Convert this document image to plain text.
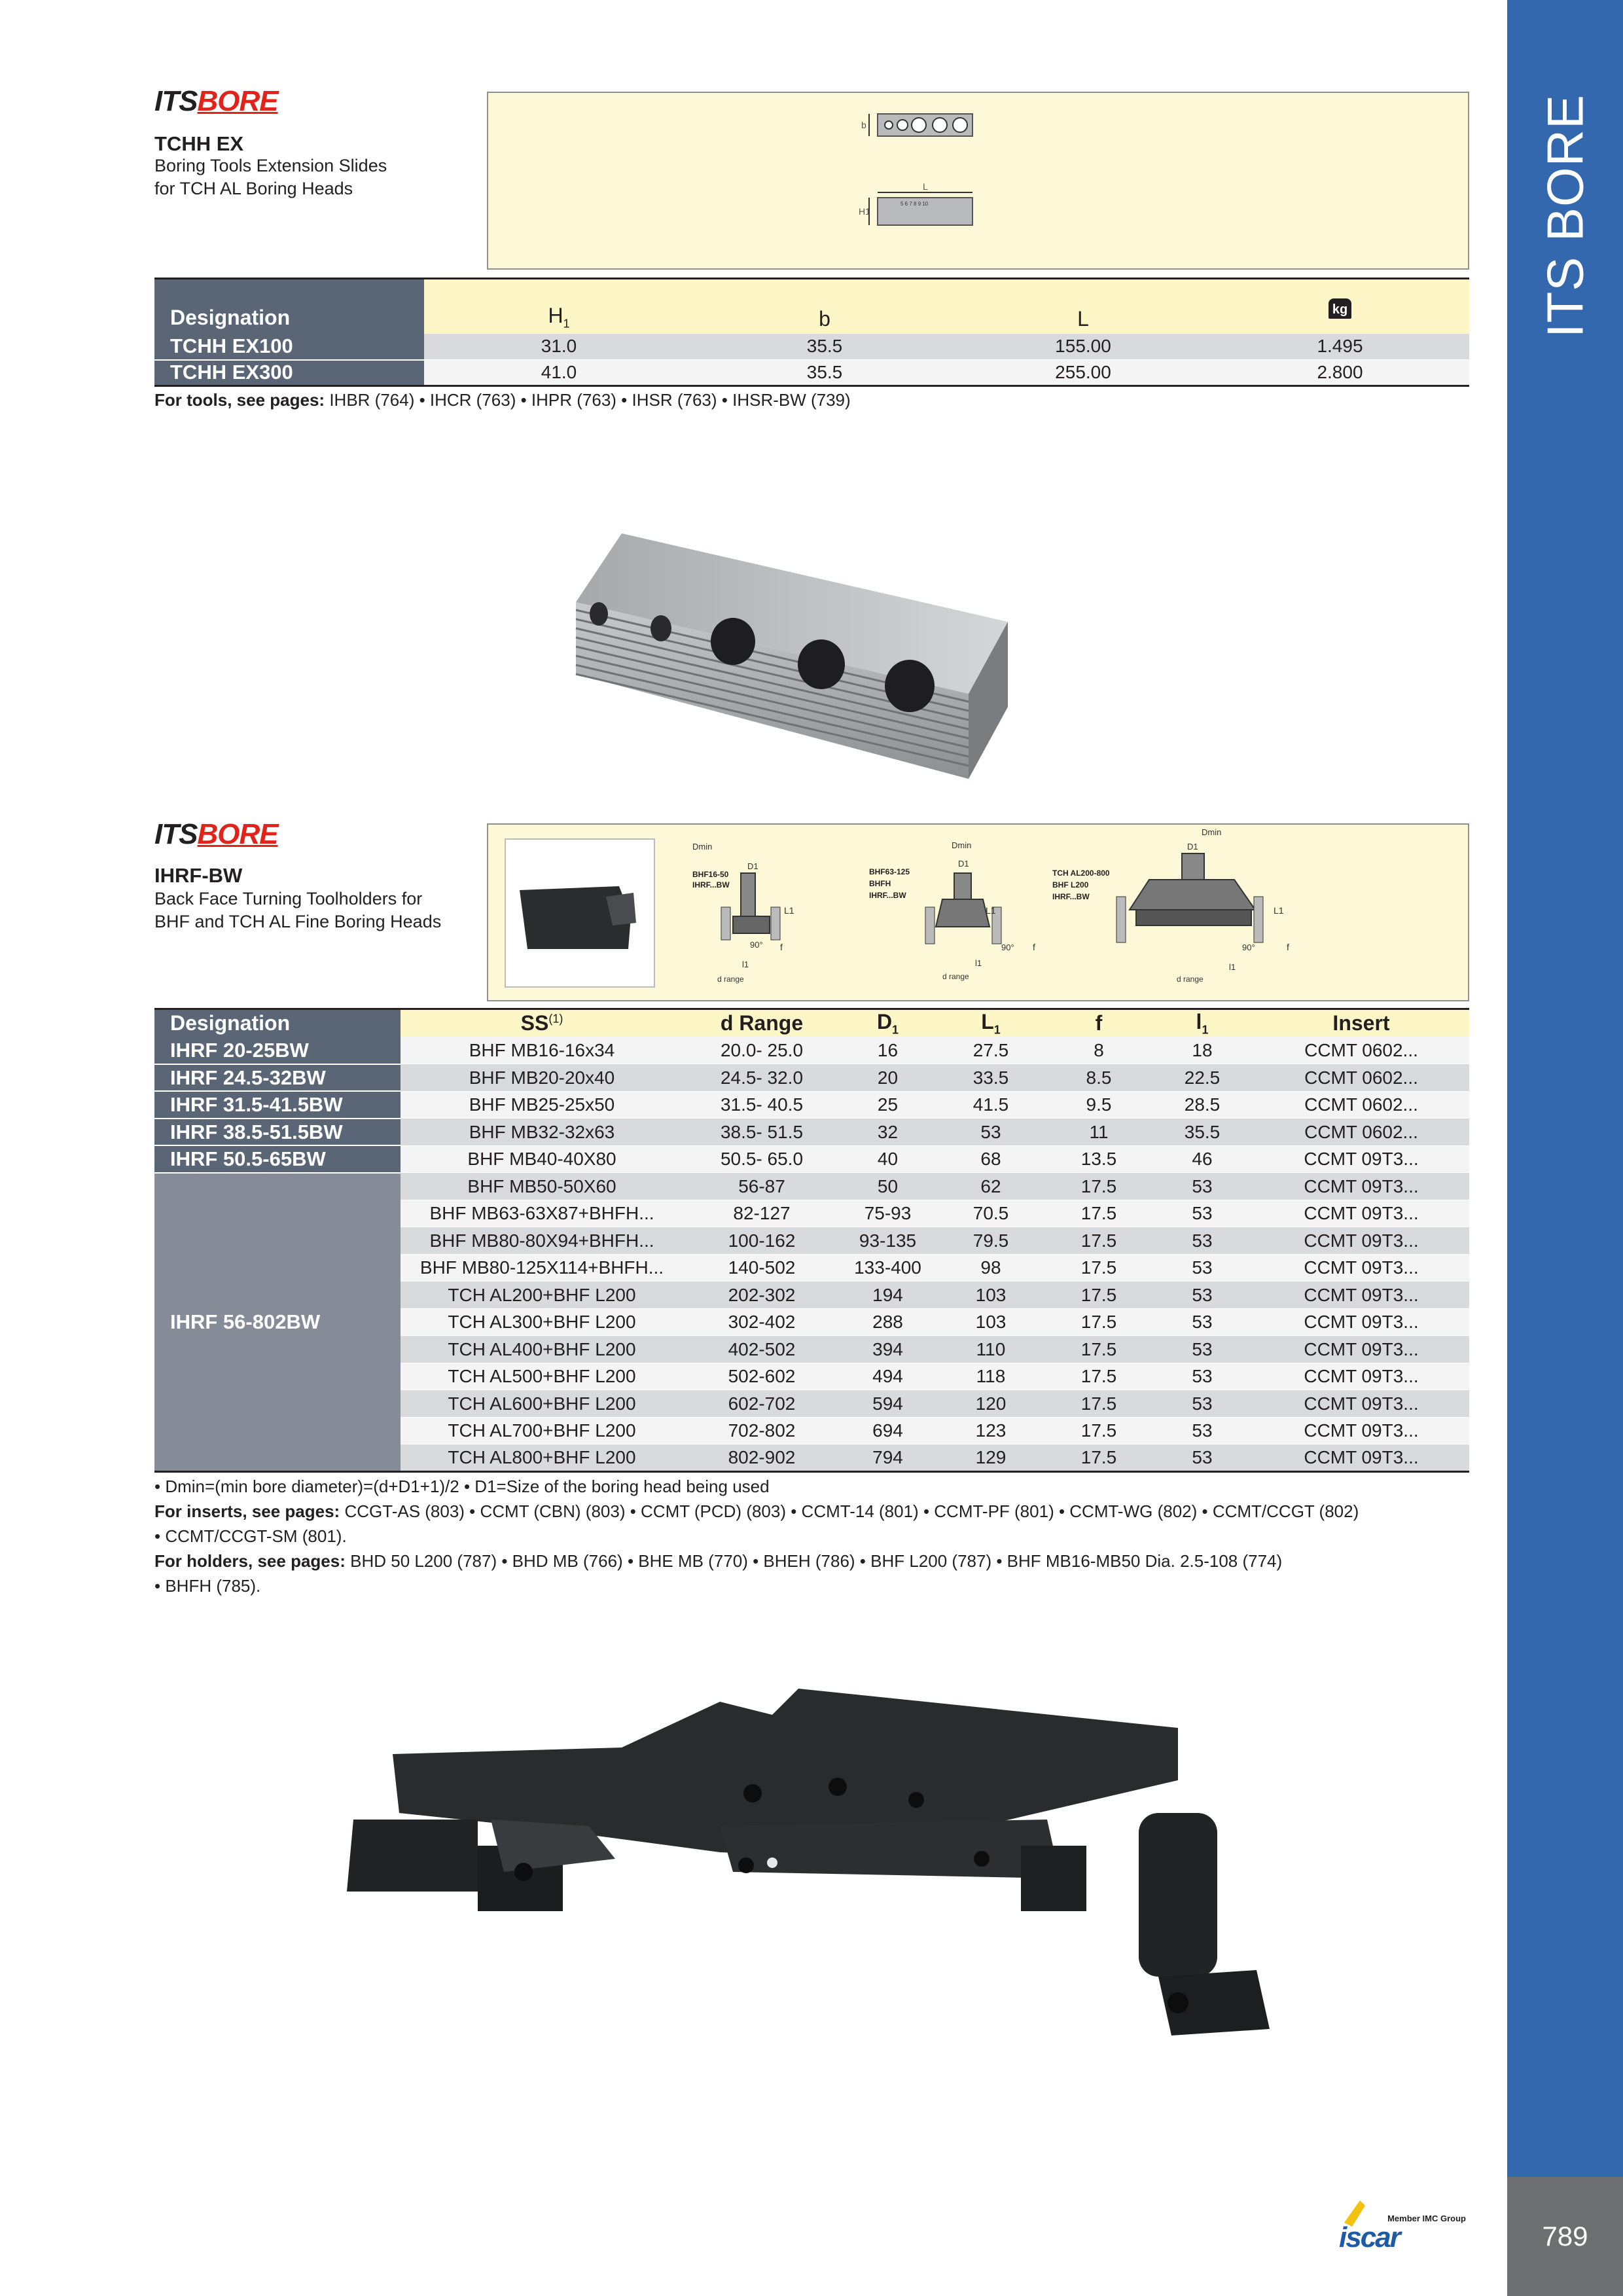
ITS BORE
789
ITSBORE
TCHH EX
Boring Tools Extension Slides
for TCH AL Boring Heads
b
L
5 6 7 8 9 10
H1
Designation	$H_1$	b	L	kg
TCHH EX100	31.0	35.5	155.00	1.495
TCHH EX300	41.0	35.5	255.00	2.800
For tools, see pages: IHBR (764) • IHCR (763) • IHPR (763) • IHSR (763) • IHSR-BW (739)
ITSBORE
IHRF-BW
Back Face Turning Toolholders for
BHF and TCH AL Fine Boring Heads
Dmin
D1
BHF16-50
IHRF...BW
L1
90° f
l1
d range
Dmin
D1
BHF63-125
BHFH
IHRF...BW
L1
90° f
l1
d range
Dmin
D1
TCH AL200-800
BHF L200
IHRF...BW
L1
90°	f
l1
d range
Designation	SS$^{(1)}$	d Range	$D_1$	$L_1$	f	$l_1$	Insert
IHRF 20-25BW	BHF MB16-16x34	20.0- 25.0	16	27.5	8	18	CCMT 0602...
IHRF 24.5-32BW	BHF MB20-20x40	24.5- 32.0	20	33.5	8.5	22.5	CCMT 0602...
IHRF 31.5-41.5BW	BHF MB25-25x50	31.5- 40.5	25	41.5	9.5	28.5	CCMT 0602...
IHRF 38.5-51.5BW	BHF MB32-32x63	38.5- 51.5	32	53	11	35.5	CCMT 0602...
IHRF 50.5-65BW	BHF MB40-40X80	50.5- 65.0	40	68	13.5	46	CCMT 09T3...
IHRF 56-802BW	BHF MB50-50X60	56-87	50	62	17.5	53	CCMT 09T3...
	BHF MB63-63X87+BHFH...	82-127	75-93	70.5	17.5	53	CCMT 09T3...
	BHF MB80-80X94+BHFH...	100-162	93-135	79.5	17.5	53	CCMT 09T3...
	BHF MB80-125X114+BHFH...	140-502	133-400	98	17.5	53	CCMT 09T3...
	TCH AL200+BHF L200	202-302	194	103	17.5	53	CCMT 09T3...
	TCH AL300+BHF L200	302-402	288	103	17.5	53	CCMT 09T3...
	TCH AL400+BHF L200	402-502	394	110	17.5	53	CCMT 09T3...
	TCH AL500+BHF L200	502-602	494	118	17.5	53	CCMT 09T3...
	TCH AL600+BHF L200	602-702	594	120	17.5	53	CCMT 09T3...
	TCH AL700+BHF L200	702-802	694	123	17.5	53	CCMT 09T3...
	TCH AL800+BHF L200	802-902	794	129	17.5	53	CCMT 09T3...
• Dmin=(min bore diameter)=(d+D1+1)/2 • D1=Size of the boring head being used
For inserts, see pages: CCGT-AS (803) • CCMT (CBN) (803) • CCMT (PCD) (803) • CCMT-14 (801) • CCMT-PF (801) • CCMT-WG (802) • CCMT/CCGT (802)
• CCMT/CCGT-SM (801).
For holders, see pages: BHD 50 L200 (787) • BHD MB (766) • BHE MB (770) • BHEH (786) • BHF L200 (787) • BHF MB16-MB50 Dia. 2.5-108 (774)
• BHFH (785).
Member IMC Group
iscar
